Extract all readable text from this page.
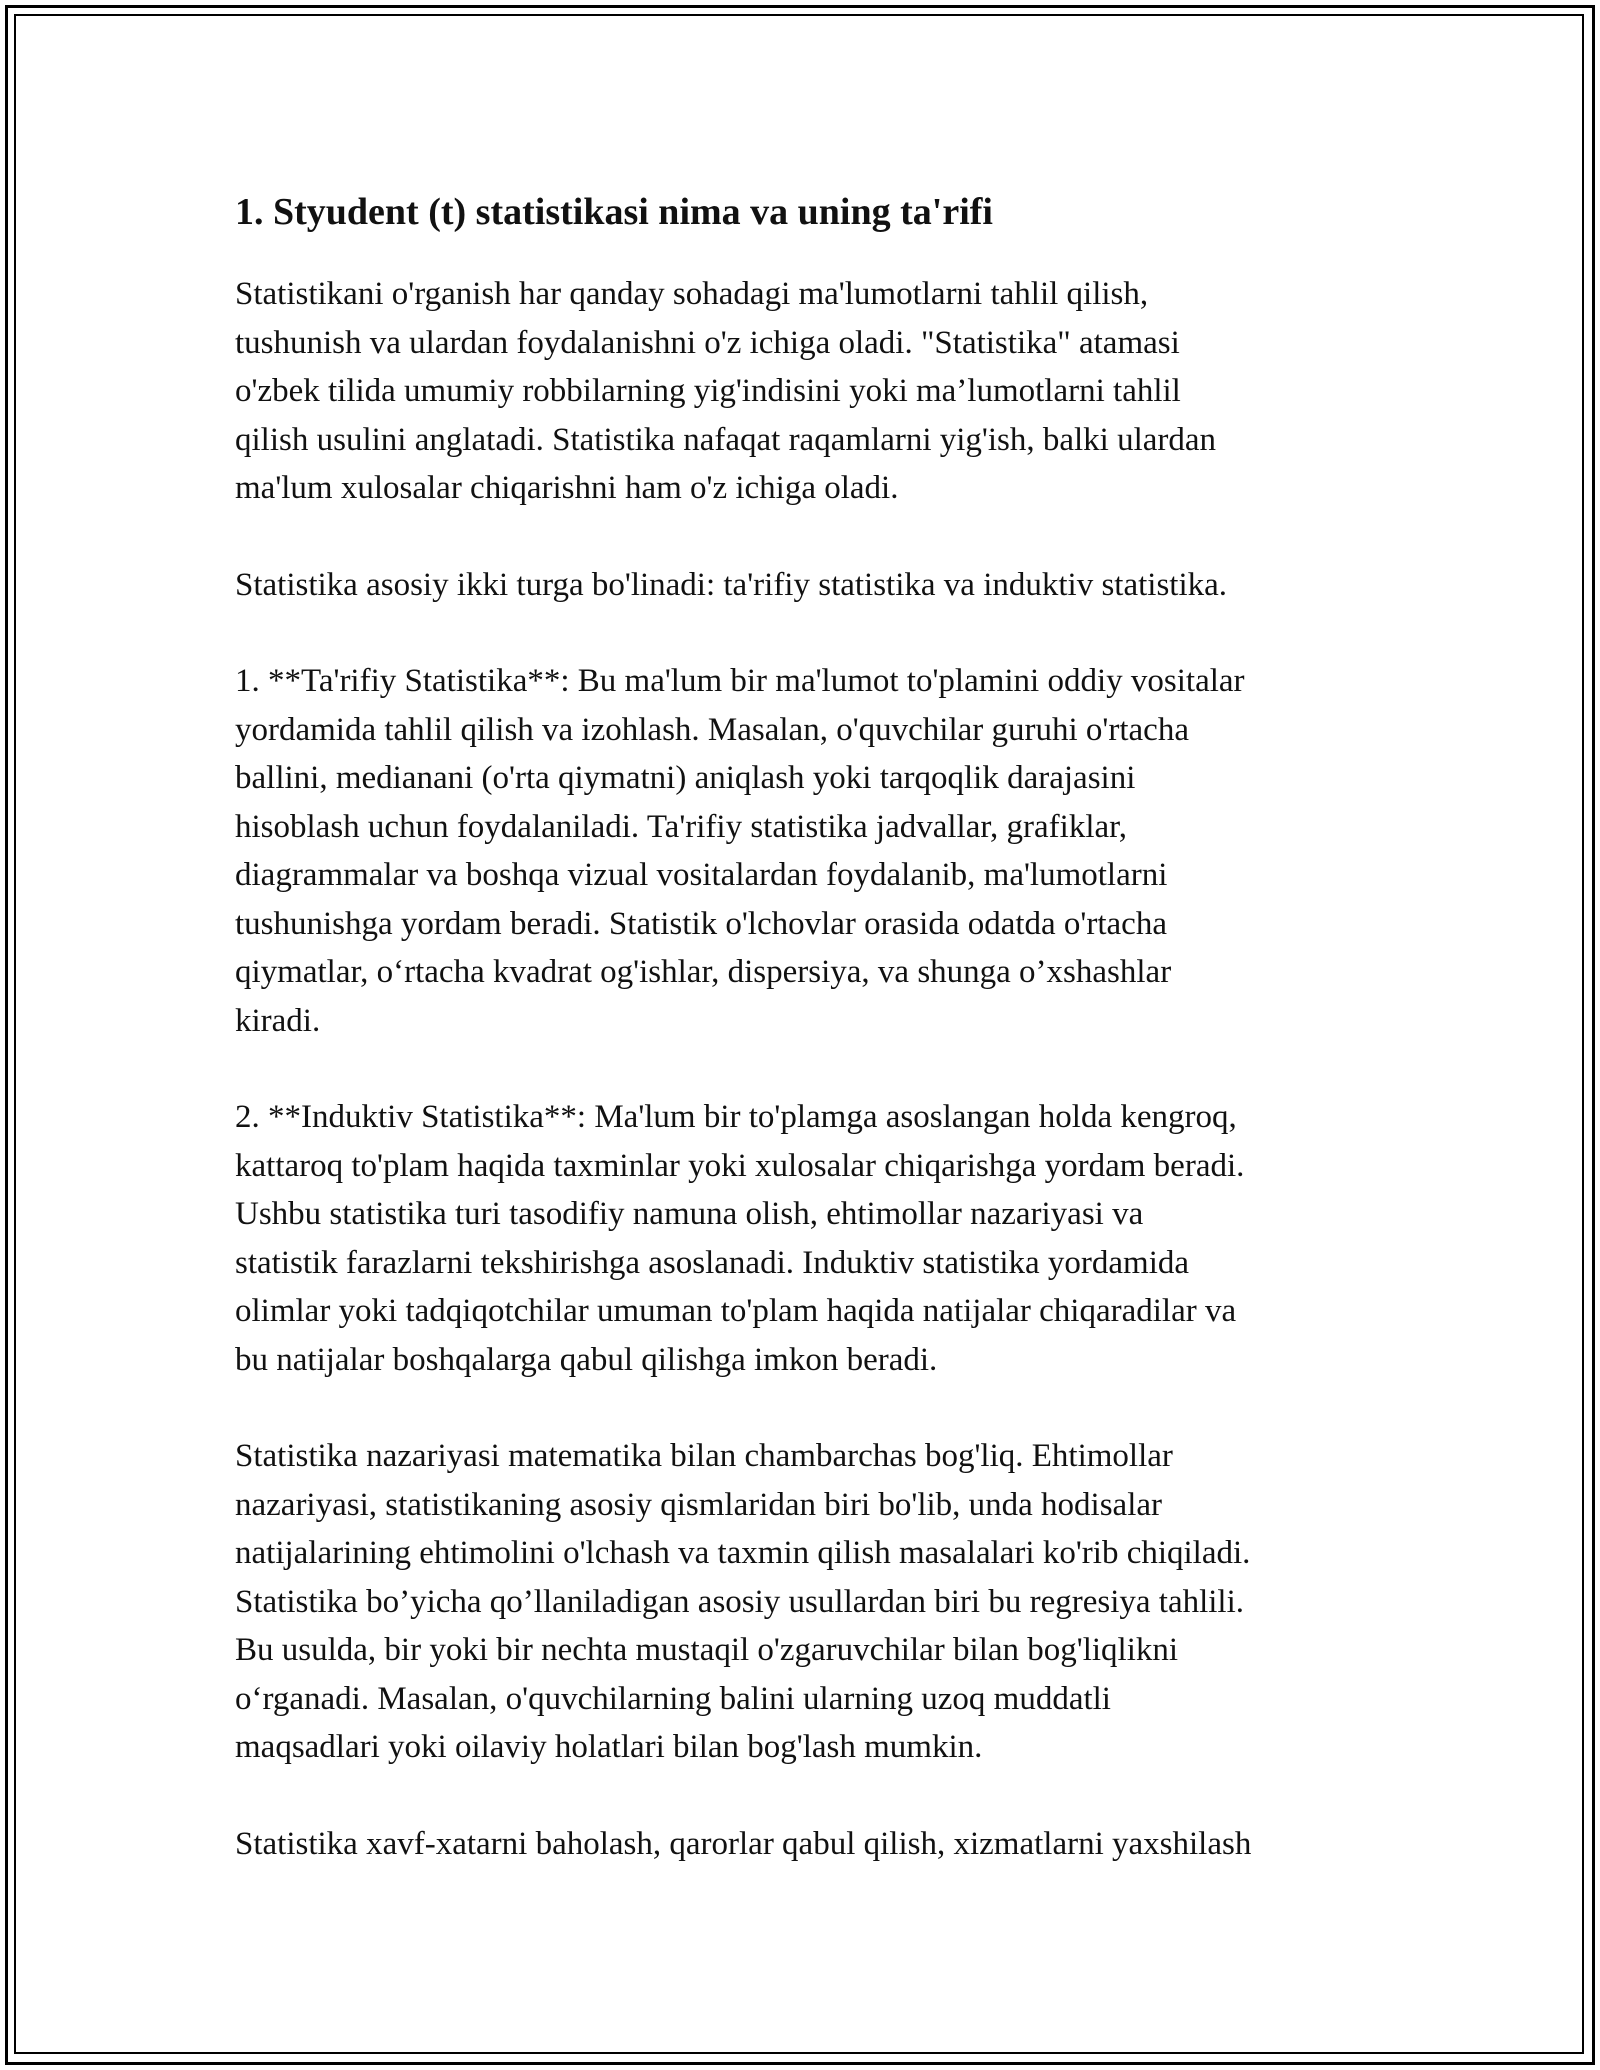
1. Styudent (t) statistikasi nima va uning ta'rifi

Statistikani o'rganish har qanday sohadagi ma'lumotlarni tahlil qilish,
tushunish va ulardan foydalanishni o'z ichiga oladi. "Statistika" atamasi
o'zbek tilida umumiy robbilarning yig'indisini yoki ma’lumotlarni tahlil
qilish usulini anglatadi. Statistika nafaqat raqamlarni yig'ish, balki ulardan
ma'lum xulosalar chiqarishni ham o'z ichiga oladi.

Statistika asosiy ikki turga bo'linadi: ta'rifiy statistika va induktiv statistika.

1. **Ta'rifiy Statistika**: Bu ma'lum bir ma'lumot to'plamini oddiy vositalar
yordamida tahlil qilish va izohlash. Masalan, o'quvchilar guruhi o'rtacha
ballini, medianani (o'rta qiymatni) aniqlash yoki tarqoqlik darajasini
hisoblash uchun foydalaniladi. Ta'rifiy statistika jadvallar, grafiklar,
diagrammalar va boshqa vizual vositalardan foydalanib, ma'lumotlarni
tushunishga yordam beradi. Statistik o'lchovlar orasida odatda o'rtacha
qiymatlar, o‘rtacha kvadrat og'ishlar, dispersiya, va shunga o’xshashlar
kiradi.

2. **Induktiv Statistika**: Ma'lum bir to'plamga asoslangan holda kengroq,
kattaroq to'plam haqida taxminlar yoki xulosalar chiqarishga yordam beradi.
Ushbu statistika turi tasodifiy namuna olish, ehtimollar nazariyasi va
statistik farazlarni tekshirishga asoslanadi. Induktiv statistika yordamida
olimlar yoki tadqiqotchilar umuman to'plam haqida natijalar chiqaradilar va
bu natijalar boshqalarga qabul qilishga imkon beradi.

Statistika nazariyasi matematika bilan chambarchas bog'liq. Ehtimollar
nazariyasi, statistikaning asosiy qismlaridan biri bo'lib, unda hodisalar
natijalarining ehtimolini o'lchash va taxmin qilish masalalari ko'rib chiqiladi.
Statistika bo’yicha qo’llaniladigan asosiy usullardan biri bu regresiya tahlili.
Bu usulda, bir yoki bir nechta mustaqil o'zgaruvchilar bilan bog'liqlikni
o‘rganadi. Masalan, o'quvchilarning balini ularning uzoq muddatli
maqsadlari yoki oilaviy holatlari bilan bog'lash mumkin.

Statistika xavf-xatarni baholash, qarorlar qabul qilish, xizmatlarni yaxshilash
